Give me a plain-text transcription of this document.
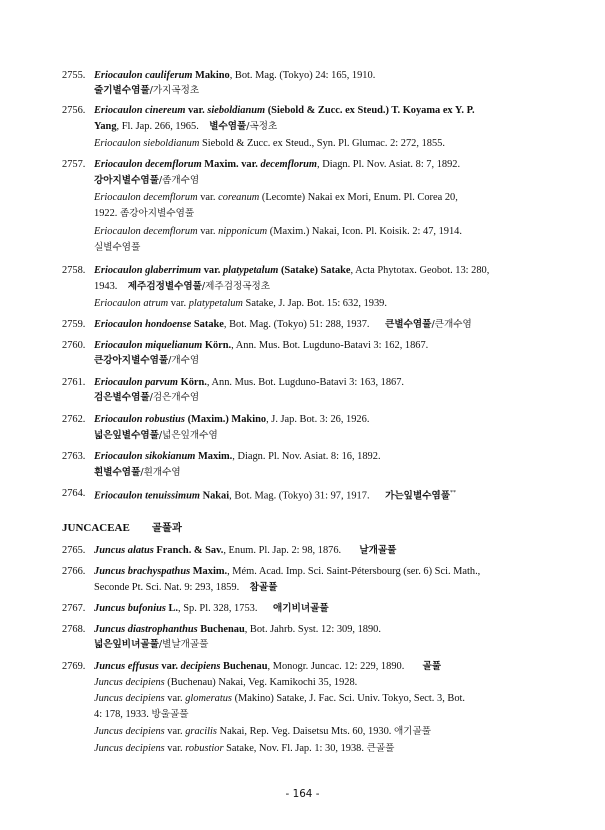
2755. Eriocaulon cauliferum Makino, Bot. Mag. (Tokyo) 24: 165, 1910.
줄기별수염풀/가지곡정초
2756. Eriocaulon cinereum var. sieboldianum (Siebold & Zucc. ex Steud.) T. Koyama ex Y. P.
Yang, Fl. Jap. 266, 1965.    별수염풀/곡정초
Eriocaulon sieboldianum Siebold & Zucc. ex Steud., Syn. Pl. Glumac. 2: 272, 1855.
2757. Eriocaulon decemflorum Maxim. var. decemflorum, Diagn. Pl. Nov. Asiat. 8: 7, 1892.
강아지별수염풀/좀개수염
Eriocaulon decemflorum var. coreanum (Lecomte) Nakai ex Mori, Enum. Pl. Corea 20,
1922. 좀강아지별수염풀
Eriocaulon decemflorum var. nipponicum (Maxim.) Nakai, Icon. Pl. Koisik. 2: 47, 1914.
실별수염풀
2758. Eriocaulon glaberrimum var. platypetalum (Satake) Satake, Acta Phytotax. Geobot. 13: 280,
1943.    제주검정별수염풀/제주검정곡정초
Eriocaulon atrum var. platypetalum Satake, J. Jap. Bot. 15: 632, 1939.
2759. Eriocaulon hondoense Satake, Bot. Mag. (Tokyo) 51: 288, 1937.      큰별수염풀/큰개수염
2760. Eriocaulon miquelianum Körn., Ann. Mus. Bot. Lugduno-Batavi 3: 162, 1867.
큰강아지별수염풀/개수염
2761. Eriocaulon parvum Körn., Ann. Mus. Bot. Lugduno-Batavi 3: 163, 1867.
검은별수염풀/검은개수염
2762. Eriocaulon robustius (Maxim.) Makino, J. Jap. Bot. 3: 26, 1926.
넓은잎별수염풀/넓은잎개수염
2763. Eriocaulon sikokianum Maxim., Diagn. Pl. Nov. Asiat. 8: 16, 1892.
흰별수염풀/흰개수염
2764. Eriocaulon tenuissimum Nakai, Bot. Mag. (Tokyo) 31: 97, 1917.      가는잎별수염풀**
JUNCACEAE 골풀과
2765. Juncus alatus Franch. & Sav., Enum. Pl. Jap. 2: 98, 1876.       날개골풀
2766. Juncus brachyspathus Maxim., Mém. Acad. Imp. Sci. Saint-Pétersbourg (ser. 6) Sci. Math.,
Seconde Pt. Sci. Nat. 9: 293, 1859.    참골풀
2767. Juncus bufonius L., Sp. Pl. 328, 1753.      애기비녀골풀
2768. Juncus diastrophanthus Buchenau, Bot. Jahrb. Syst. 12: 309, 1890.
넓은잎비녀골풀/별날개골풀
2769. Juncus effusus var. decipiens Buchenau, Monogr. Juncac. 12: 229, 1890.       골풀
Juncus decipiens (Buchenau) Nakai, Veg. Kamikochi 35, 1928.
Juncus decipiens var. glomeratus (Makino) Satake, J. Fac. Sci. Univ. Tokyo, Sect. 3, Bot.
4: 178, 1933. 방울골풀
Juncus decipiens var. gracilis Nakai, Rep. Veg. Daisetsu Mts. 60, 1930. 애기골풀
Juncus decipiens var. robustior Satake, Nov. Fl. Jap. 1: 30, 1938. 큰골풀
- 164 -
